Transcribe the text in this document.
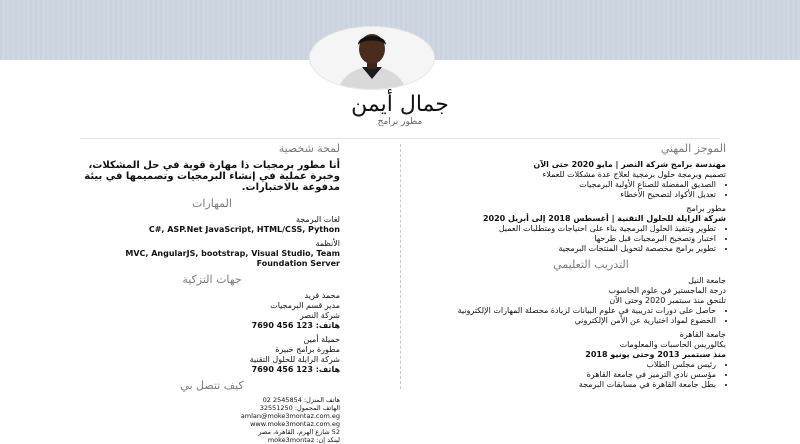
جمال أيمن
مطور برامج

الموجز المهني

مهندسة برامج شركة النصر | مايو 2020 حتى الآن

تصميم وبرمجة حلول برمجية لعلاج عدة مشكلات للعملاء

• الصديق المفضلة للصناع الأولية البرمجيات
• تعديل الأكواد لتصحيح الأخطاء

مطور برامج

شركة الرايلة للحلول التقنية | أغسطس 2018 إلى أبريل 2020

• تطوير وتنفيذ الحلول البرمجية بناء على احتياجات ومتطلبات العميل
• اختبار وتصحيح البرمجيات قبل طرحها
• تطوير برامج مخصصة لتحويل المنتجات البرمجية

التدريب التعليمي

جامعة النيل

درجة الماجستير في علوم الحاسوب

تلتحق منذ سبتمبر 2020 وحتى الآن

• حاصل على دورات تدريبية في علوم البيانات لزيادة محصلة المهارات الإلكترونية
• الخضوع لمواد اختيارية عن الأمن الإلكتروني

جامعة القاهرة

بكالوريس الحاسبات والمعلومات

منذ سبتمبر 2013 وحتى يونيو 2018

• رئيس مجلس الطلاب
• مؤسس نادي الترميز في جامعة القاهرة
• بطل جامعة القاهرة في مسابقات البرمجة

لمحة شخصية

أنا مطور برمجيات ذا مهارة قوية في حل المشكلات، وخبرة عملية في إنشاء البرمجيات وتصميمها في بيئة مدفوعة بالاختبارات.

المهارات

لغات البرمجة

C#, ASP.Net JavaScript, HTML/CSS, Python

الأنظمة

MVC, AngularJS, bootstrap, Visual Studio, Team Foundation Server

جهات التزكية

محمد فريد

مدير قسم البرمجيات

شركة النصر

هاتف: 123 456 7690

حميلة أمين

مطورة برامج خبيرة

شركة الرايلة للحلول التقنية

هاتف: 123 456 7690

كيف تتصل بي

هاتف المنزل: 2545854 02

الهاتف المحمول: 32551250

amlan@moke3montaz.com.eg

www.moke3montaz.com.eg

52 شارع الهرم، القاهرة، مصر

لينكد إن: moke3montaz
